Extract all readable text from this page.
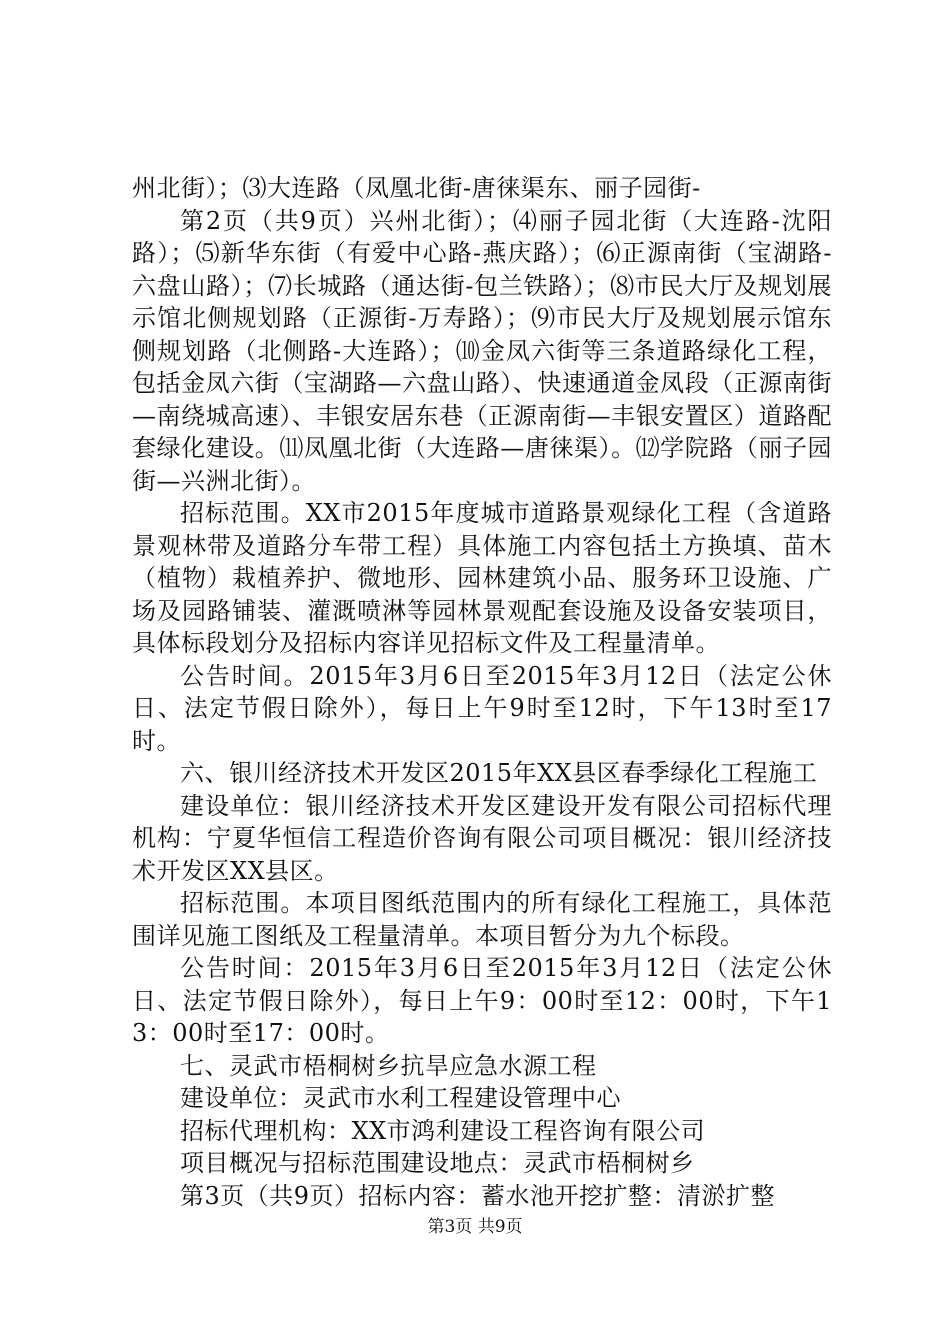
州北街）；⑶大连路（凤凰北街-唐徕渠东、丽子园街-

第2页（共9页）兴州北街）；⑷丽子园北街（大连路-沈阳路）；⑸新华东街（有爱中心路-燕庆路）；⑹正源南街（宝湖路-六盘山路）；⑺长城路（通达街-包兰铁路）；⑻市民大厅及规划展示馆北侧规划路（正源街-万寿路）；⑼市民大厅及规划展示馆东侧规划路（北侧路-大连路）；⑽金凤六街等三条道路绿化工程，包括金凤六街（宝湖路—六盘山路）、快速通道金凤段（正源南街—南绕城高速）、丰银安居东巷（正源南街—丰银安置区）道路配套绿化建设。⑾凤凰北街（大连路—唐徕渠）。⑿学院路（丽子园街—兴洲北街）。

招标范围。XX市2015年度城市道路景观绿化工程（含道路景观林带及道路分车带工程）具体施工内容包括土方换填、苗木（植物）栽植养护、微地形、园林建筑小品、服务环卫设施、广场及园路铺装、灌溉喷淋等园林景观配套设施及设备安装项目，具体标段划分及招标内容详见招标文件及工程量清单。

公告时间。2015年3月6日至2015年3月12日（法定公休日、法定节假日除外），每日上午9时至12时，下午13时至17时。

六、银川经济技术开发区2015年XX县区春季绿化工程施工

建设单位：银川经济技术开发区建设开发有限公司招标代理机构：宁夏华恒信工程造价咨询有限公司项目概况：银川经济技术开发区XX县区。

招标范围。本项目图纸范围内的所有绿化工程施工，具体范围详见施工图纸及工程量清单。本项目暂分为九个标段。

公告时间：2015年3月6日至2015年3月12日（法定公休日、法定节假日除外），每日上午9：00时至12：00时，下午13：00时至17：00时。

七、灵武市梧桐树乡抗旱应急水源工程

建设单位：灵武市水利工程建设管理中心

招标代理机构：XX市鸿利建设工程咨询有限公司

项目概况与招标范围建设地点：灵武市梧桐树乡

第3页（共9页）招标内容：蓄水池开挖扩整：清淤扩整

第3页 共9页
